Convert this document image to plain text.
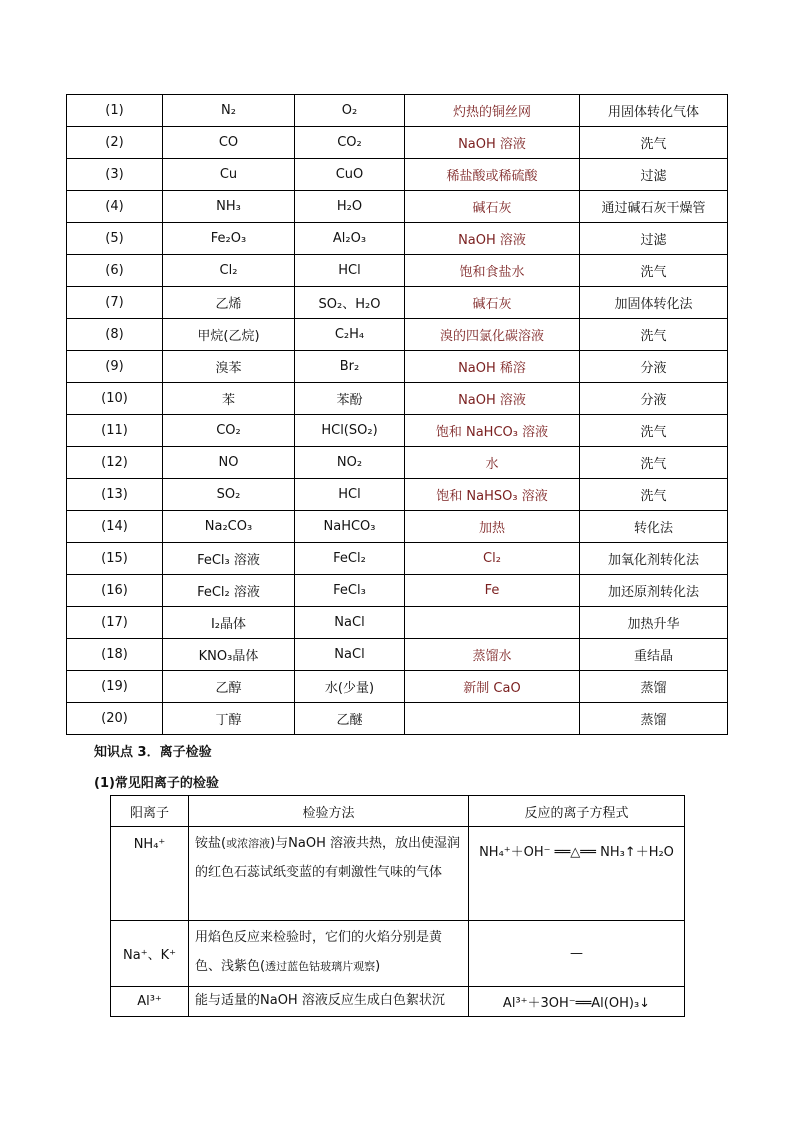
(1)	N₂	O₂	灼热的铜丝网	用固体转化气体
(2)	CO	CO₂	NaOH 溶液	洗气
(3)	Cu	CuO	稀盐酸或稀硫酸	过滤
(4)	NH₃	H₂O	碱石灰	通过碱石灰干燥管
(5)	Fe₂O₃	Al₂O₃	NaOH 溶液	过滤
(6)	Cl₂	HCl	饱和食盐水	洗气
(7)	乙烯	SO₂、H₂O	碱石灰	加固体转化法
(8)	甲烷(乙烷)	C₂H₄	溴的四氯化碳溶液	洗气
(9)	溴苯	Br₂	NaOH 稀溶	分液
(10)	苯	苯酚	NaOH 溶液	分液
(11)	CO₂	HCl(SO₂)	饱和 NaHCO₃ 溶液	洗气
(12)	NO	NO₂	水	洗气
(13)	SO₂	HCl	饱和 NaHSO₃ 溶液	洗气
(14)	Na₂CO₃	NaHCO₃	加热	转化法
(15)	FeCl₃ 溶液	FeCl₂	Cl₂	加氧化剂转化法
(16)	FeCl₂ 溶液	FeCl₃	Fe	加还原剂转化法
(17)	I₂晶体	NaCl		加热升华
(18)	KNO₃晶体	NaCl	蒸馏水	重结晶
(19)	乙醇	水(少量)	新制 CaO	蒸馏
(20)	丁醇	乙醚		蒸馏
知识点 3．离子检验
(1)常见阳离子的检验
阳离子	检验方法	反应的离子方程式
NH₄⁺	铵盐(或浓溶液)与NaOH 溶液共热，放出使湿润的红色石蕊试纸变蓝的有刺激性气味的气体	NH₄⁺＋OH⁻ ══△══ NH₃↑＋H₂O
Na⁺、K⁺	用焰色反应来检验时，它们的火焰分别是黄色、浅紫色(透过蓝色钴玻璃片观察)	—
Al³⁺	能与适量的NaOH 溶液反应生成白色絮状沉	Al³⁺＋3OH⁻══Al(OH)₃↓
